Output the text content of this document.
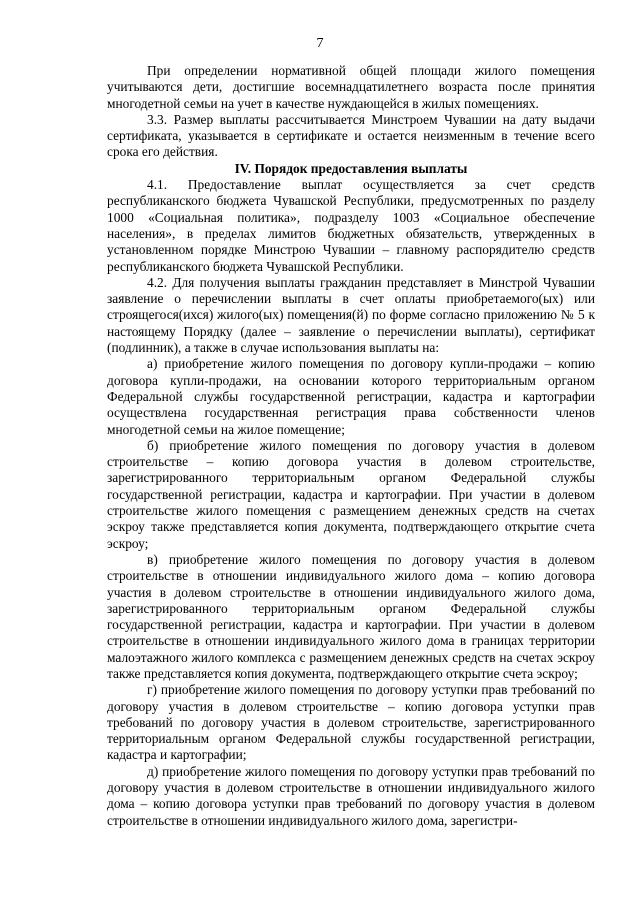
7

При определении нормативной общей площади жилого помещения учитываются дети, достигшие восемнадцатилетнего возраста после принятия многодетной семьи на учет в качестве нуждающейся в жилых помещениях.

3.3. Размер выплаты рассчитывается Минстроем Чувашии на дату выдачи сертификата, указывается в сертификате и остается неизменным в течение всего срока его действия.

IV. Порядок предоставления выплаты

4.1. Предоставление выплат осуществляется за счет средств республиканского бюджета Чувашской Республики, предусмотренных по разделу 1000 «Социальная политика», подразделу 1003 «Социальное обеспечение населения», в пределах лимитов бюджетных обязательств, утвержденных в установленном порядке Минстрою Чувашии – главному распорядителю средств республиканского бюджета Чувашской Республики.

4.2. Для получения выплаты гражданин представляет в Минстрой Чувашии заявление о перечислении выплаты в счет оплаты приобретаемого(ых) или строящегося(ихся) жилого(ых) помещения(й) по форме согласно приложению № 5 к настоящему Порядку (далее – заявление о перечислении выплаты), сертификат (подлинник), а также в случае использования выплаты на:

а) приобретение жилого помещения по договору купли-продажи – копию договора купли-продажи, на основании которого территориальным органом Федеральной службы государственной регистрации, кадастра и картографии осуществлена государственная регистрация права собственности членов многодетной семьи на жилое помещение;

б) приобретение жилого помещения по договору участия в долевом строительстве – копию договора участия в долевом строительстве, зарегистрированного территориальным органом Федеральной службы государственной регистрации, кадастра и картографии. При участии в долевом строительстве жилого помещения с размещением денежных средств на счетах эскроу также представляется копия документа, подтверждающего открытие счета эскроу;

в) приобретение жилого помещения по договору участия в долевом строительстве в отношении индивидуального жилого дома – копию договора участия в долевом строительстве в отношении индивидуального жилого дома, зарегистрированного территориальным органом Федеральной службы государственной регистрации, кадастра и картографии. При участии в долевом строительстве в отношении индивидуального жилого дома в границах территории малоэтажного жилого комплекса с размещением денежных средств на счетах эскроу также представляется копия документа, подтверждающего открытие счета эскроу;

г) приобретение жилого помещения по договору уступки прав требований по договору участия в долевом строительстве – копию договора уступки прав требований по договору участия в долевом строительстве, зарегистрированного территориальным органом Федеральной службы государственной регистрации, кадастра и картографии;

д) приобретение жилого помещения по договору уступки прав требований по договору участия в долевом строительстве в отношении индивидуального жилого дома – копию договора уступки прав требований по договору участия в долевом строительстве в отношении индивидуального жилого дома, зарегистри-
